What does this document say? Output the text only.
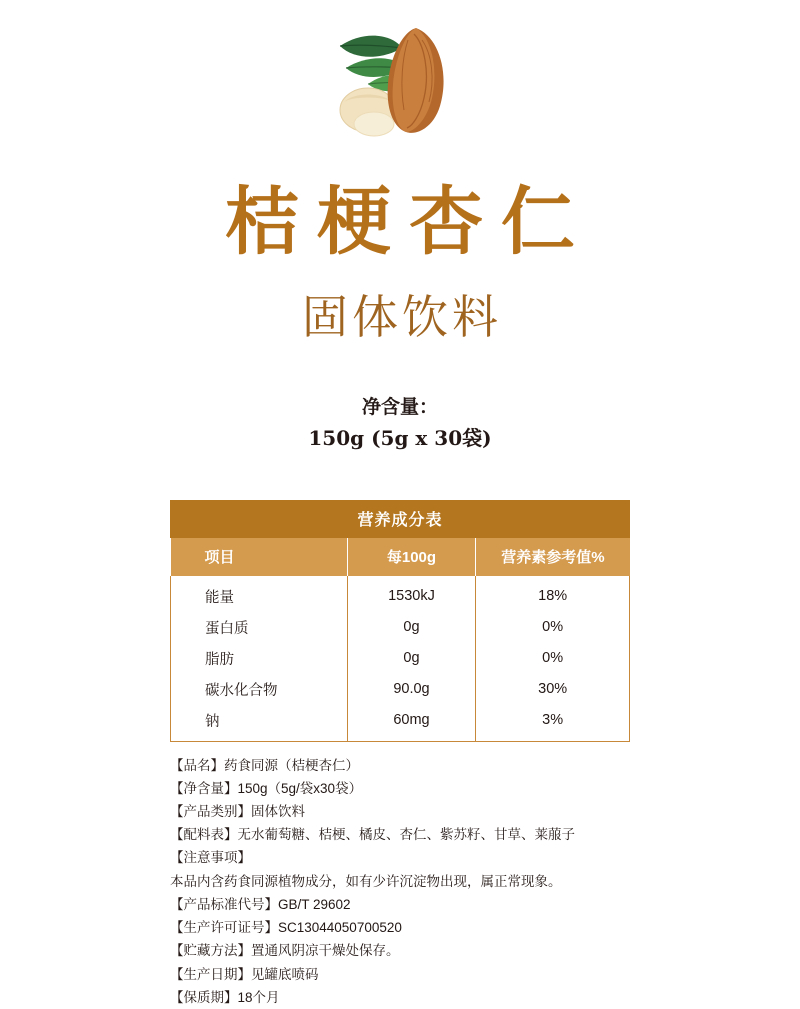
桔梗杏仁
固体饮料
净含量：
150g (5g x 30袋)
营养成分表
项目	每100g	营养素参考值%
能量	1530kJ	18%
蛋白质	0g	0%
脂肪	0g	0%
碳水化合物	90.0g	30%
钠	60mg	3%
【品名】药食同源（桔梗杏仁）
【净含量】150g（5g/袋x30袋）
【产品类别】固体饮料
【配料表】无水葡萄糖、桔梗、橘皮、杏仁、紫苏籽、甘草、莱菔子
【注意事项】
本品内含药食同源植物成分，如有少许沉淀物出现，属正常现象。
【产品标准代号】GB/T 29602
【生产许可证号】SC13044050700520
【贮藏方法】置通风阴凉干燥处保存。
【生产日期】见罐底喷码
【保质期】18个月
